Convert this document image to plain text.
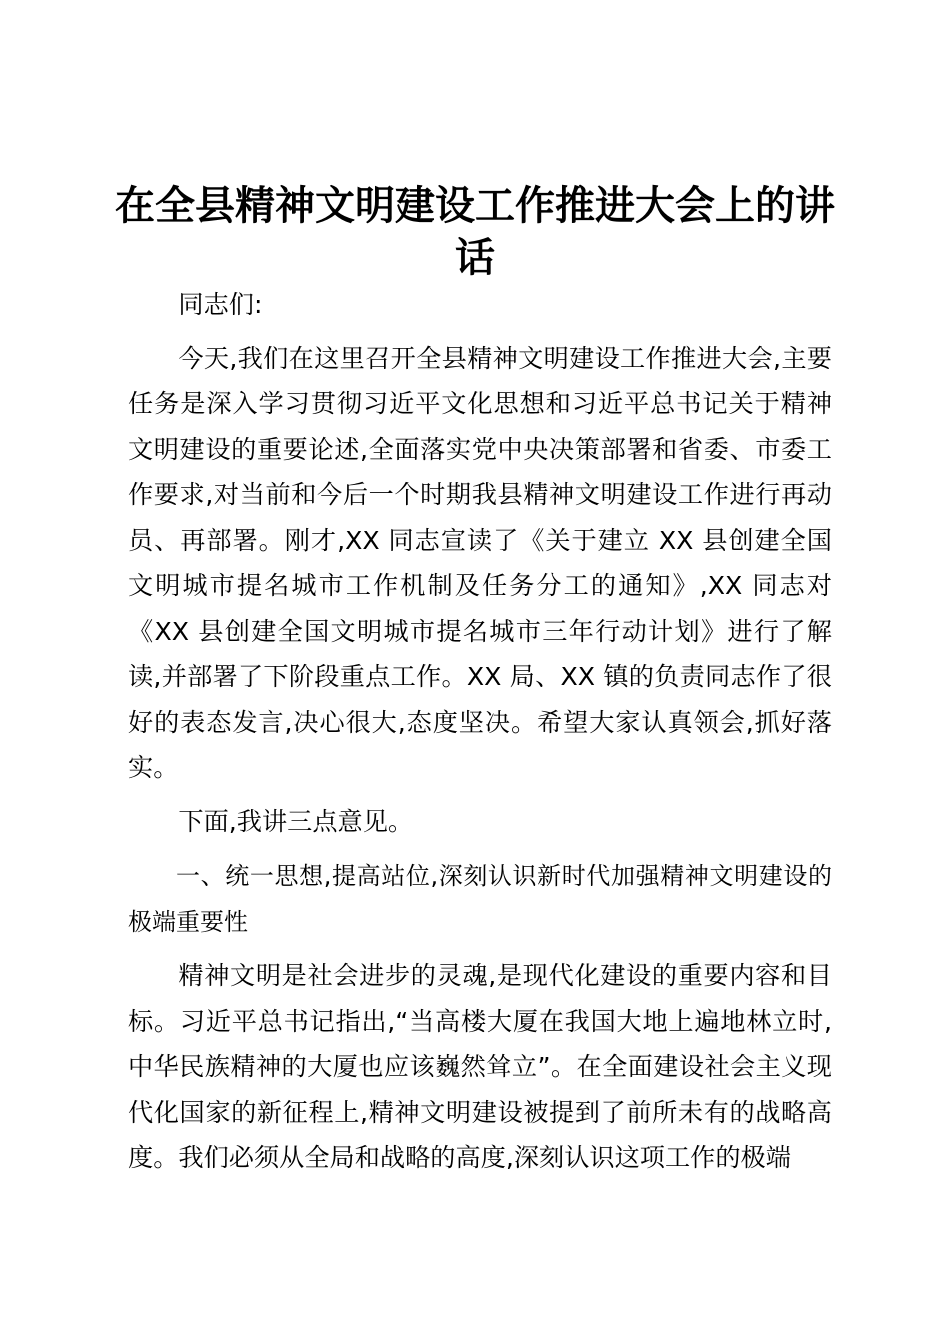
在全县精神文明建设工作推进大会上的讲话

同志们:

今天,我们在这里召开全县精神文明建设工作推进大会,主要任务是深入学习贯彻习近平文化思想和习近平总书记关于精神文明建设的重要论述,全面落实党中央决策部署和省委、市委工作要求,对当前和今后一个时期我县精神文明建设工作进行再动员、再部署。刚才,XX 同志宣读了《关于建立 XX 县创建全国文明城市提名城市工作机制及任务分工的通知》,XX 同志对《XX 县创建全国文明城市提名城市三年行动计划》进行了解读,并部署了下阶段重点工作。XX 局、XX 镇的负责同志作了很好的表态发言,决心很大,态度坚决。希望大家认真领会,抓好落实。

下面,我讲三点意见。

一、统一思想,提高站位,深刻认识新时代加强精神文明建设的极端重要性

精神文明是社会进步的灵魂,是现代化建设的重要内容和目标。习近平总书记指出,“当高楼大厦在我国大地上遍地林立时,中华民族精神的大厦也应该巍然耸立”。在全面建设社会主义现代化国家的新征程上,精神文明建设被提到了前所未有的战略高度。我们必须从全局和战略的高度,深刻认识这项工作的极端
